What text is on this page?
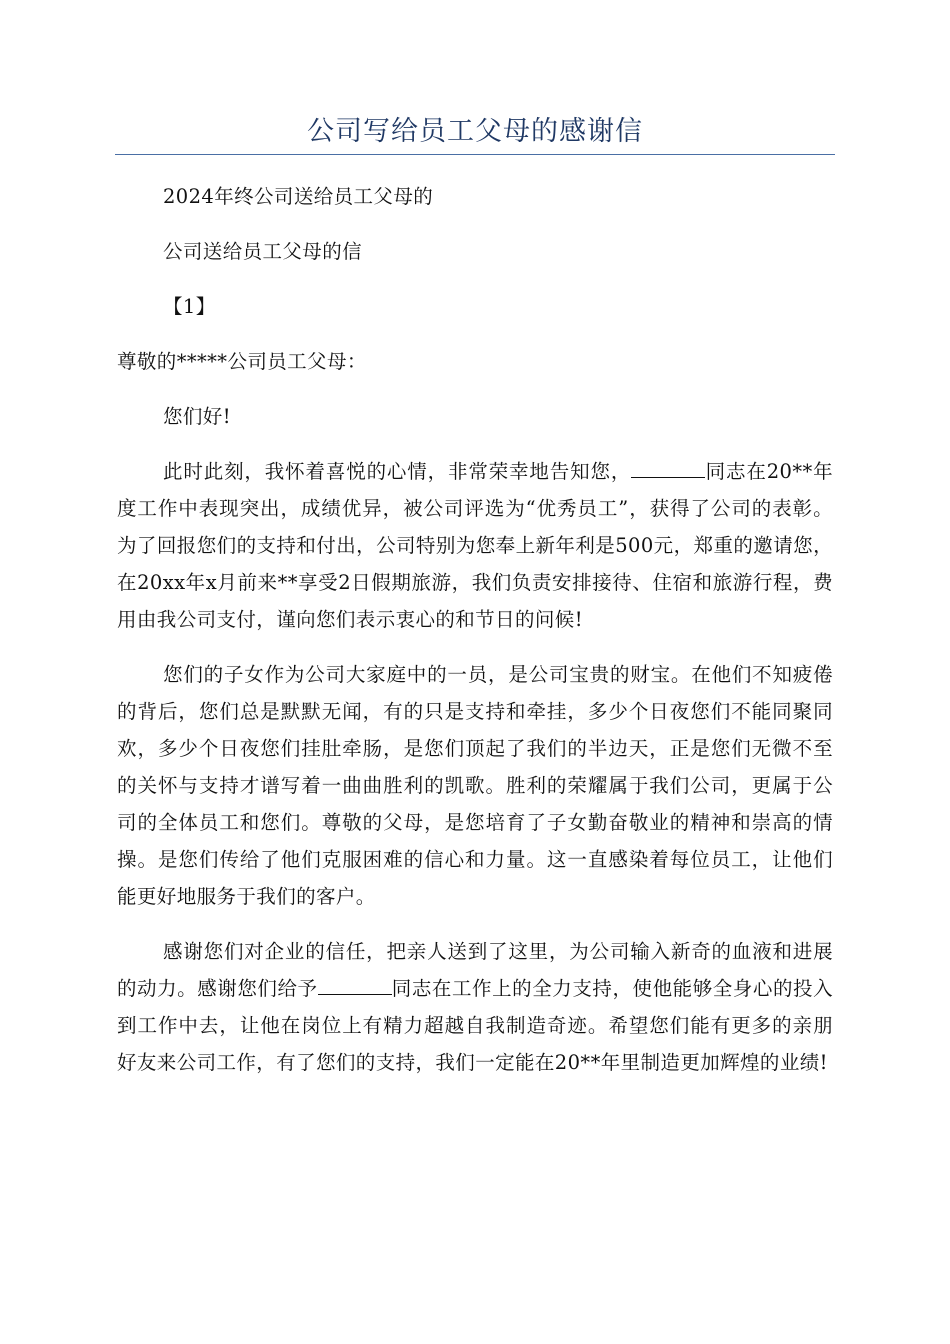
公司写给员工父母的感谢信

2024年终公司送给员工父母的

公司送给员工父母的信

【1】

尊敬的*****公司员工父母：

您们好!

此时此刻，我怀着喜悦的心情，非常荣幸地告知您，	同志在20**年度工作中表现突出，成绩优异，被公司评选为“优秀员工”，获得了公司的表彰。为了回报您们的支持和付出，公司特别为您奉上新年利是500元，郑重的邀请您，在20xx年x月前来**享受2日假期旅游，我们负责安排接待、住宿和旅游行程，费用由我公司支付，谨向您们表示衷心的和节日的问候!

您们的子女作为公司大家庭中的一员，是公司宝贵的财宝。在他们不知疲倦的背后，您们总是默默无闻，有的只是支持和牵挂，多少个日夜您们不能同聚同欢，多少个日夜您们挂肚牵肠，是您们顶起了我们的半边天，正是您们无微不至的关怀与支持才谱写着一曲曲胜利的凯歌。胜利的荣耀属于我们公司，更属于公司的全体员工和您们。尊敬的父母，是您培育了子女勤奋敬业的精神和崇高的情操。是您们传给了他们克服困难的信心和力量。这一直感染着每位员工，让他们能更好地服务于我们的客户。

感谢您们对企业的信任，把亲人送到了这里，为公司输入新奇的血液和进展的动力。感谢您们给予	同志在工作上的全力支持，使他能够全身心的投入到工作中去，让他在岗位上有精力超越自我制造奇迹。希望您们能有更多的亲朋好友来公司工作，有了您们的支持，我们一定能在20**年里制造更加辉煌的业绩!
